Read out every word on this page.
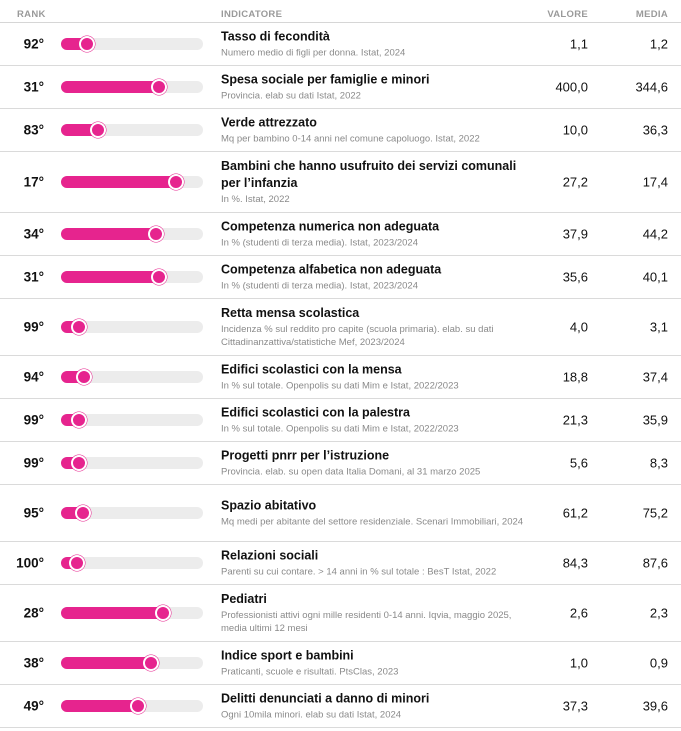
RANK	INDICATORE	VALORE	MEDIA
92°	Tasso di fecondità
Numero medio di figli per donna. Istat, 2024
1,1	1,2
31°	Spesa sociale per famiglie e minori
Provincia. elab su dati Istat, 2022
400,0	344,6
83°	Verde attrezzato
Mq per bambino 0-14 anni nel comune capoluogo. Istat, 2022
10,0	36,3
17°
Bambini che hanno usufruito dei servizi comunali per l’infanzia
In %. Istat, 2022
27,2	17,4
34°	Competenza numerica non adeguata
In % (studenti di terza media). Istat, 2023/2024
37,9	44,2
31°	Competenza alfabetica non adeguata
In % (studenti di terza media). Istat, 2023/2024
35,6	40,1
99°
Retta mensa scolastica
Incidenza % sul reddito pro capite (scuola primaria). elab. su dati Cittadinanzattiva/statistiche Mef, 2023/2024
4,0	3,1
94°	Edifici scolastici con la mensa
In % sul totale. Openpolis su dati Mim e Istat, 2022/2023
18,8	37,4
99°	Edifici scolastici con la palestra
In % sul totale. Openpolis su dati Mim e Istat, 2022/2023
21,3	35,9
99°	Progetti pnrr per l’istruzione
Provincia. elab. su open data Italia Domani, al 31 marzo 2025
5,6	8,3
95°	Spazio abitativo
Mq medi per abitante del settore residenziale. Scenari Immobiliari, 2024
61,2	75,2
100°	Relazioni sociali
Parenti su cui contare. > 14 anni in % sul totale : BesT Istat, 2022
84,3	87,6
28°
Pediatri
Professionisti attivi ogni mille residenti 0-14 anni. Iqvia, maggio 2025, media ultimi 12 mesi
2,6	2,3
38°	Indice sport e bambini
Praticanti, scuole e risultati. PtsClas, 2023
1,0	0,9
49°	Delitti denunciati a danno di minori
Ogni 10mila minori. elab su dati Istat, 2024
37,3	39,6
